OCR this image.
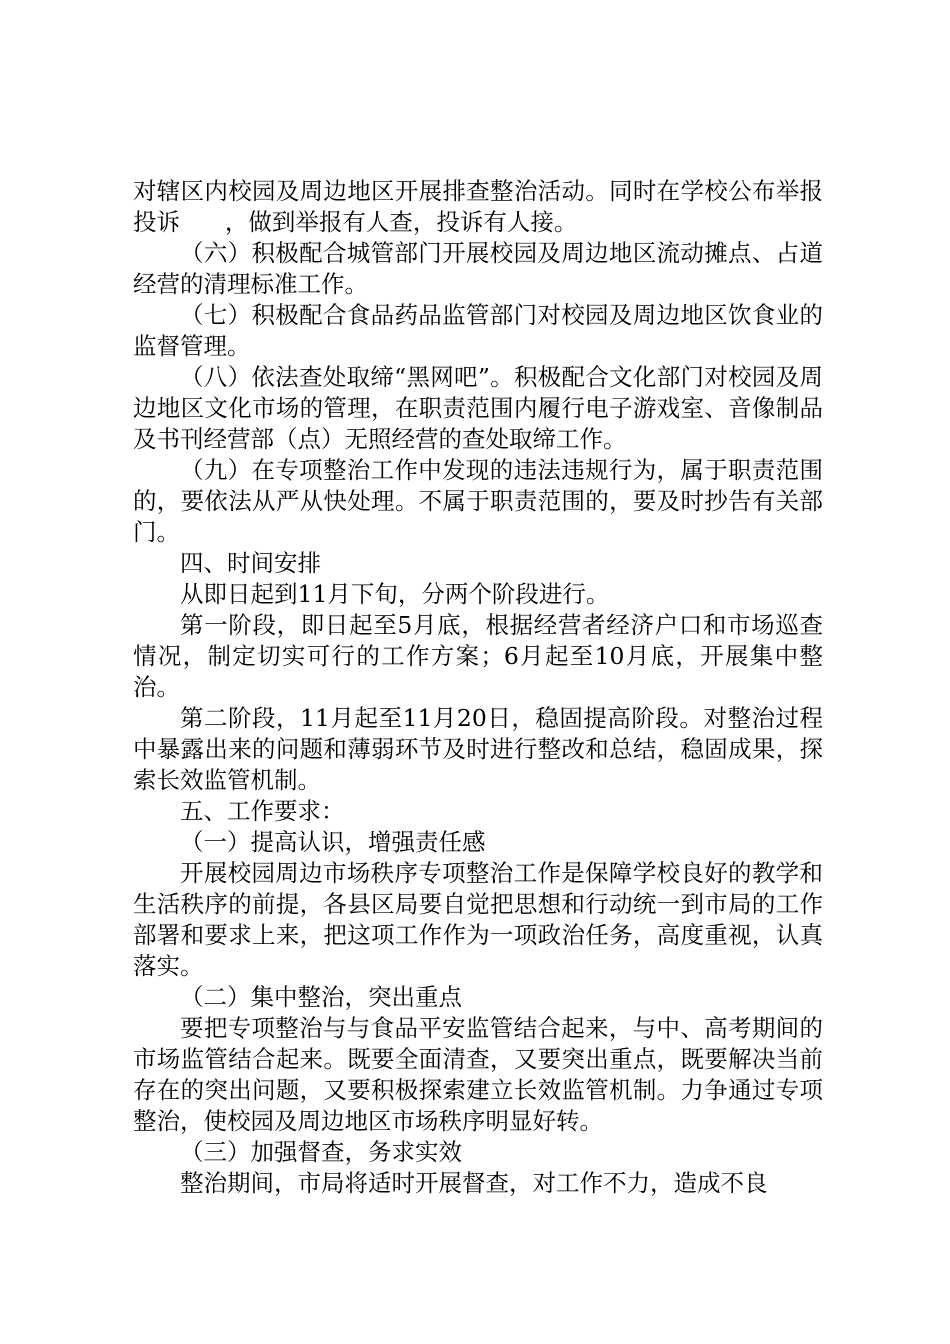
对辖区内校园及周边地区开展排查整治活动。同时在学校公布举报投诉      ，做到举报有人查，投诉有人接。

（六）积极配合城管部门开展校园及周边地区流动摊点、占道经营的清理标准工作。

（七）积极配合食品药品监管部门对校园及周边地区饮食业的监督管理。

（八）依法查处取缔“黑网吧”。积极配合文化部门对校园及周边地区文化市场的管理，在职责范围内履行电子游戏室、音像制品及书刊经营部（点）无照经营的查处取缔工作。

（九）在专项整治工作中发现的违法违规行为，属于职责范围的，要依法从严从快处理。不属于职责范围的，要及时抄告有关部门。

四、时间安排

从即日起到11月下旬，分两个阶段进行。

第一阶段，即日起至5月底，根据经营者经济户口和市场巡查情况，制定切实可行的工作方案；6月起至10月底，开展集中整治。

第二阶段，11月起至11月20日，稳固提高阶段。对整治过程中暴露出来的问题和薄弱环节及时进行整改和总结，稳固成果，探索长效监管机制。

五、工作要求：

（一）提高认识，增强责任感

开展校园周边市场秩序专项整治工作是保障学校良好的教学和生活秩序的前提，各县区局要自觉把思想和行动统一到市局的工作部署和要求上来，把这项工作作为一项政治任务，高度重视，认真落实。

（二）集中整治，突出重点

要把专项整治与与食品平安监管结合起来，与中、高考期间的市场监管结合起来。既要全面清查，又要突出重点，既要解决当前存在的突出问题，又要积极探索建立长效监管机制。力争通过专项整治，使校园及周边地区市场秩序明显好转。

（三）加强督查，务求实效

整治期间，市局将适时开展督查，对工作不力，造成不良
